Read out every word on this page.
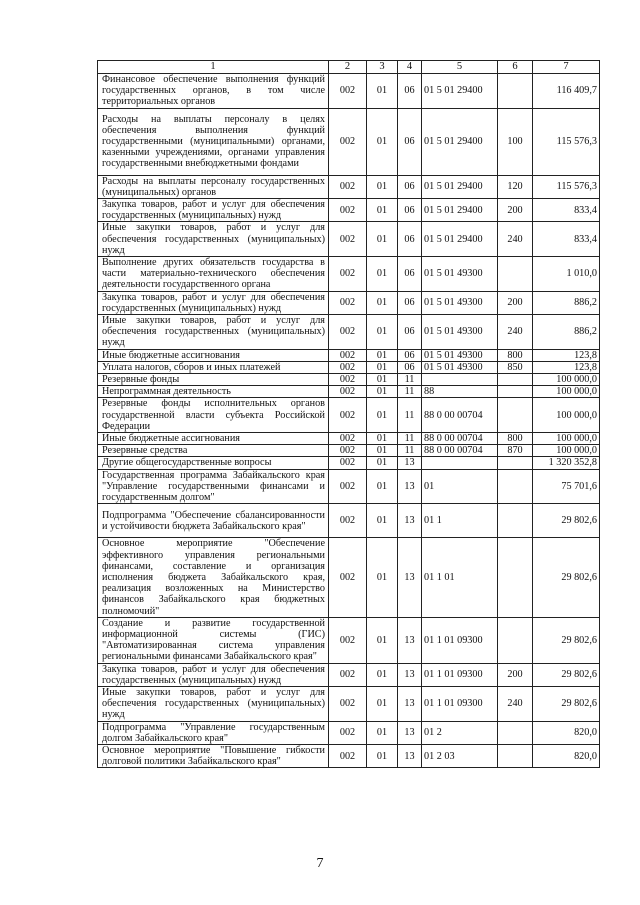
1	2	3	4	5	6	7
Финансовое обеспечение выполнения функций государственных органов, в том числе территориальных органов	002	01	06	01 5 01 29400		116 409,7
Расходы на выплаты персоналу в целях обеспечения выполнения функций государственными (муниципальными) органами, казенными учреждениями, органами управления государственными внебюджетными фондами	002	01	06	01 5 01 29400	100	115 576,3
Расходы на выплаты персоналу государственных (муниципальных) органов	002	01	06	01 5 01 29400	120	115 576,3
Закупка товаров, работ и услуг для обеспечения государственных (муниципальных) нужд	002	01	06	01 5 01 29400	200	833,4
Иные закупки товаров, работ и услуг для обеспечения государственных (муниципальных) нужд	002	01	06	01 5 01 29400	240	833,4
Выполнение других обязательств государства в части материально-технического обеспечения деятельности государственного органа	002	01	06	01 5 01 49300		1 010,0
Закупка товаров, работ и услуг для обеспечения государственных (муниципальных) нужд	002	01	06	01 5 01 49300	200	886,2
Иные закупки товаров, работ и услуг для обеспечения государственных (муниципальных) нужд	002	01	06	01 5 01 49300	240	886,2
Иные бюджетные ассигнования	002	01	06	01 5 01 49300	800	123,8
Уплата налогов, сборов и иных платежей	002	01	06	01 5 01 49300	850	123,8
Резервные фонды	002	01	11			100 000,0
Непрограммная деятельность	002	01	11	88		100 000,0
Резервные фонды исполнительных органов государственной власти субъекта Российской Федерации	002	01	11	88 0 00 00704		100 000,0
Иные бюджетные ассигнования	002	01	11	88 0 00 00704	800	100 000,0
Резервные средства	002	01	11	88 0 00 00704	870	100 000,0
Другие общегосударственные вопросы	002	01	13			1 320 352,8
Государственная программа Забайкальского края "Управление государственными финансами и государственным долгом"	002	01	13	01		75 701,6
Подпрограмма "Обеспечение сбалансированности и устойчивости бюджета Забайкальского края"	002	01	13	01 1		29 802,6
Основное мероприятие "Обеспечение эффективного управления региональными финансами, составление и организация исполнения бюджета Забайкальского края, реализация возложенных на Министерство финансов Забайкальского края бюджетных полномочий"	002	01	13	01 1 01		29 802,6
Создание и развитие государственной информационной системы (ГИС) "Автоматизированная система управления региональными финансами Забайкальского края"	002	01	13	01 1 01 09300		29 802,6
Закупка товаров, работ и услуг для обеспечения государственных (муниципальных) нужд	002	01	13	01 1 01 09300	200	29 802,6
Иные закупки товаров, работ и услуг для обеспечения государственных (муниципальных) нужд	002	01	13	01 1 01 09300	240	29 802,6
Подпрограмма "Управление государственным долгом Забайкальского края"	002	01	13	01 2		820,0
Основное мероприятие "Повышение гибкости долговой политики Забайкальского края"	002	01	13	01 2 03		820,0
7
